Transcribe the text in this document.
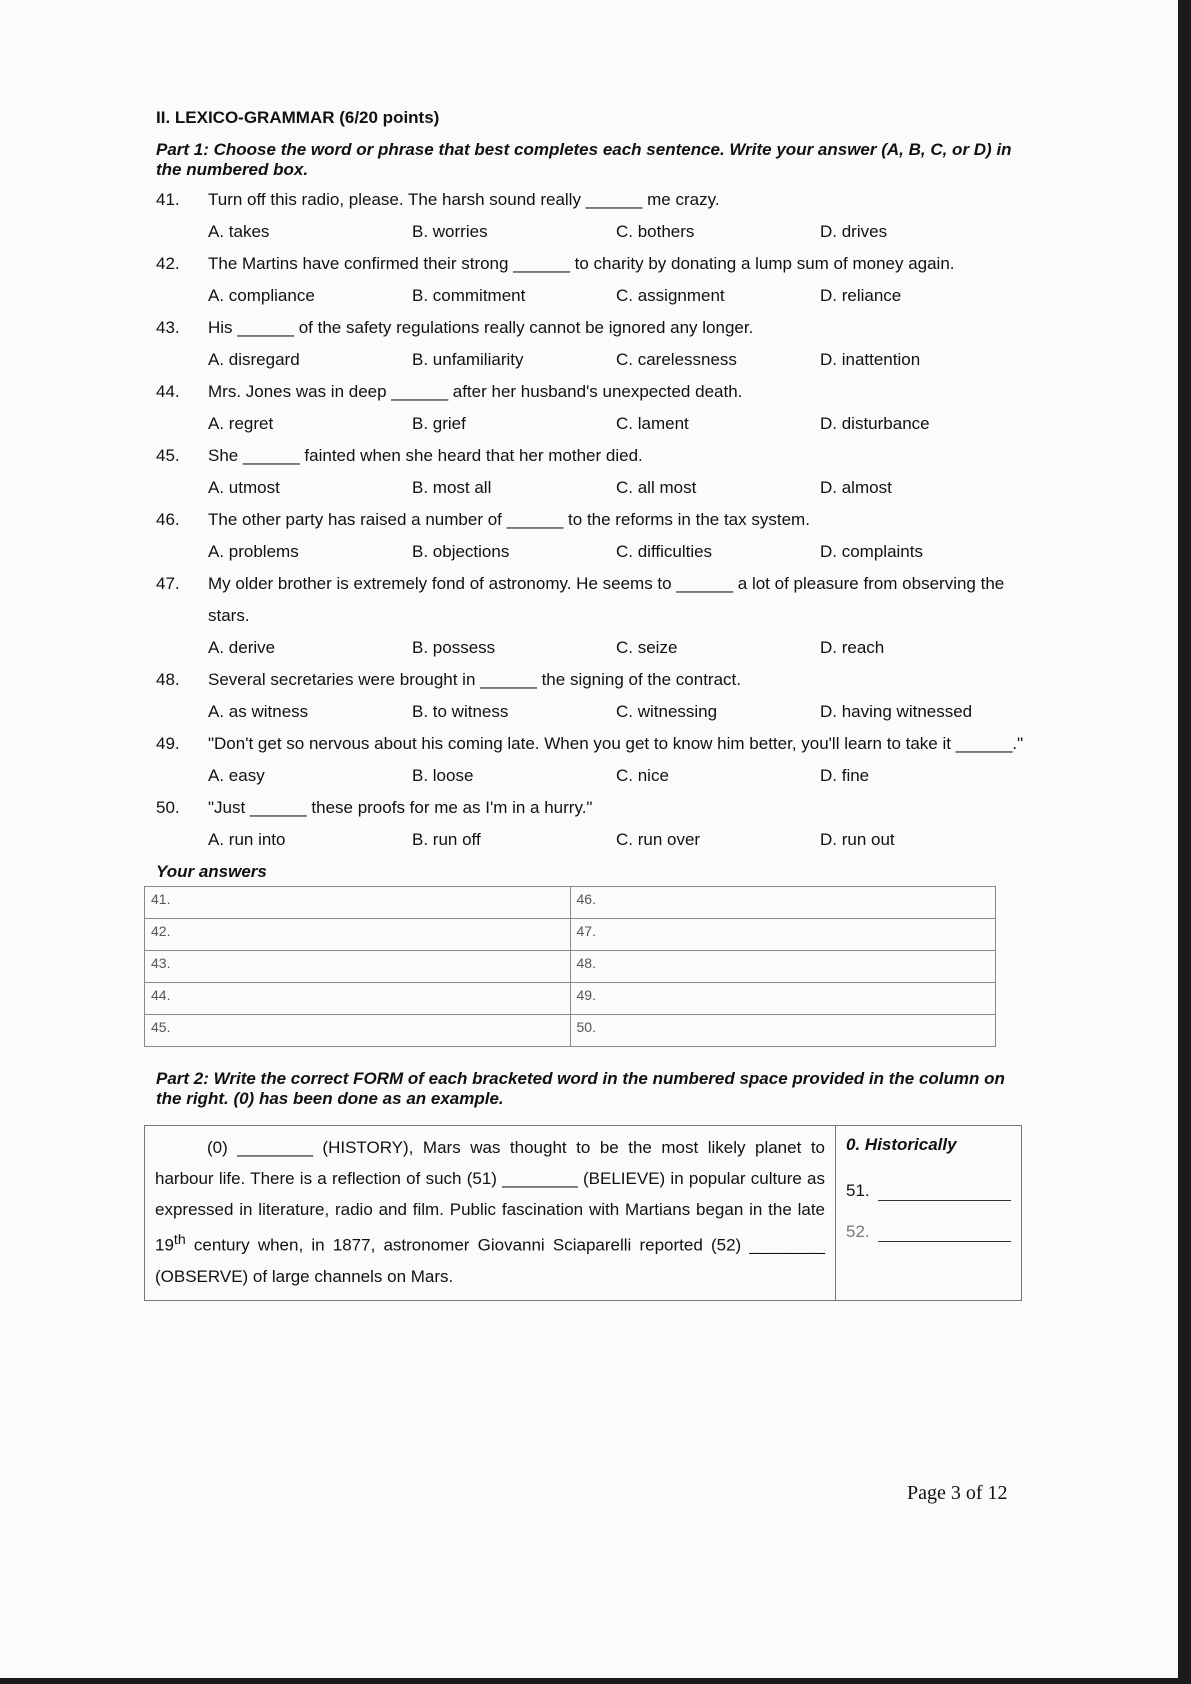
II. LEXICO-GRAMMAR (6/20 points)
Part 1: Choose the word or phrase that best completes each sentence. Write your answer (A, B, C, or D) in the numbered box.
41.	Turn off this radio, please. The harsh sound really ______ me crazy.
A. takes	B. worries	C. bothers	D. drives
42.	The Martins have confirmed their strong ______ to charity by donating a lump sum of money again.
A. compliance	B. commitment	C. assignment	D. reliance
43.	His ______ of the safety regulations really cannot be ignored any longer.
A. disregard	B. unfamiliarity	C. carelessness	D. inattention
44.	Mrs. Jones was in deep ______ after her husband's unexpected death.
A. regret	B. grief	C. lament	D. disturbance
45.	She ______ fainted when she heard that her mother died.
A. utmost	B. most all	C. all most	D. almost
46.	The other party has raised a number of ______ to the reforms in the tax system.
A. problems	B. objections	C. difficulties	D. complaints
47.	My older brother is extremely fond of astronomy. He seems to ______ a lot of pleasure from observing the stars.
A. derive	B. possess	C. seize	D. reach
48.	Several secretaries were brought in ______ the signing of the contract.
A. as witness	B. to witness	C. witnessing	D. having witnessed
49.	"Don't get so nervous about his coming late. When you get to know him better, you'll learn to take it ______."
A. easy	B. loose	C. nice	D. fine
50.	"Just ______ these proofs for me as I'm in a hurry."
A. run into	B. run off	C. run over	D. run out
Your answers
41.	46.

42.	47.

43.	48.

44.	49.

45.	50.
Part 2: Write the correct FORM of each bracketed word in the numbered space provided in the column on the right. (0) has been done as an example.
(0) ________ (HISTORY), Mars was thought to be the most likely planet to harbour life. There is a reflection of such (51) ________ (BELIEVE) in popular culture as expressed in literature, radio and film. Public fascination with Martians began in the late 19th century when, in 1877, astronomer Giovanni Sciaparelli reported (52) ________ (OBSERVE) of large channels on Mars.	
0. Historically
51.
52.
Page 3 of 12
